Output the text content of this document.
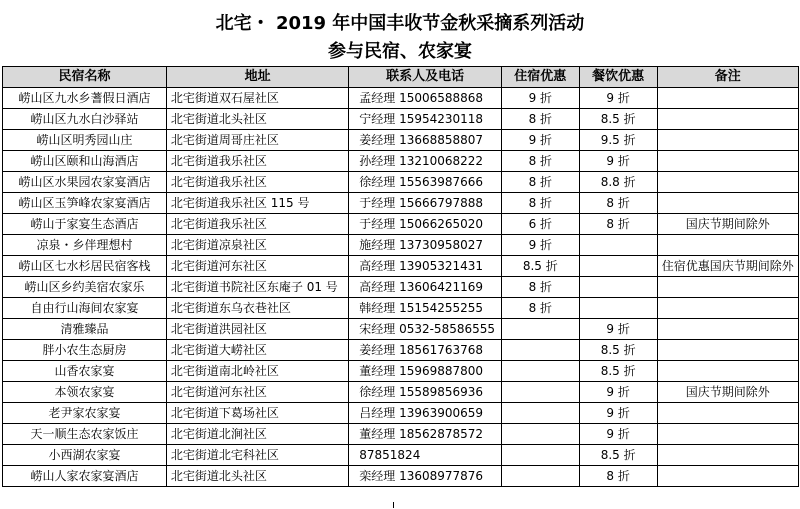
北宅・ 2019 年中国丰收节金秋采摘系列活动
参与民宿、农家宴
民宿名称	地址	联系人及电话	住宿优惠	餐饮优惠	备注
崂山区九水乡蓍假日酒店	北宅街道双石屋社区	孟经理 15006588868	9 折	9 折	
崂山区九水白沙驿站	北宅街道北头社区	宁经理 15954230118	8 折	8.5 折	
崂山区明秀园山庄	北宅街道周哥庄社区	姜经理 13668858807	9 折	9.5 折	
崂山区颐和山海酒店	北宅街道我乐社区	孙经理 13210068222	8 折	9 折	
崂山区水果园农家宴酒店	北宅街道我乐社区	徐经理 15563987666	8 折	8.8 折	
崂山区玉笋峰农家宴酒店	北宅街道我乐社区 115 号	于经理 15666797888	8 折	8 折	
崂山于家宴生态酒店	北宅街道我乐社区	于经理 15066265020	6 折	8 折	国庆节期间除外
凉泉・乡伴理想村	北宅街道凉泉社区	施经理 13730958027	9 折		
崂山区七水杉居民宿客栈	北宅街道河东社区	高经理 13905321431	8.5 折		住宿优惠国庆节期间除外
崂山区乡约美宿农家乐	北宅街道书院社区东庵子 01 号	高经理 13606421169	8 折		
自由行山海间农家宴	北宅街道东乌衣巷社区	韩经理 15154255255	8 折		
清雅臻品	北宅街道洪园社区	宋经理 0532-58586555		9 折	
胖小农生态厨房	北宅街道大崂社区	姜经理 18561763768		8.5 折	
山香农家宴	北宅街道南北岭社区	董经理 15969887800		8.5 折	
本领农家宴	北宅街道河东社区	徐经理 15589856936		9 折	国庆节期间除外
老尹家农家宴	北宅街道下葛场社区	吕经理 13963900659		9 折	
天一顺生态农家饭庄	北宅街道北涧社区	董经理 18562878572		9 折	
小西湖农家宴	北宅街道北宅科社区	87851824		8.5 折	
崂山人家农家宴酒店	北宅街道北头社区	栾经理 13608977876		8 折	
